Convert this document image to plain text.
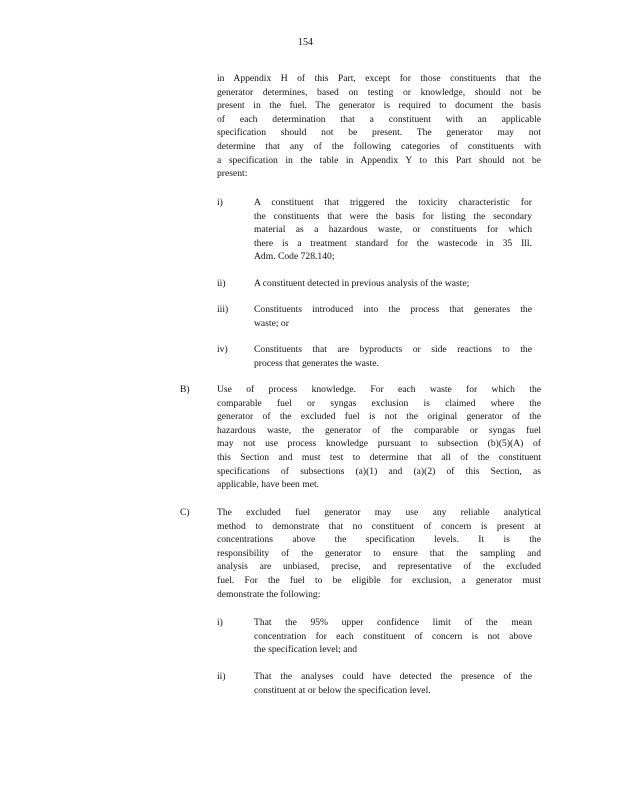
154
in Appendix H of this Part, except for those constituents that the
generator determines, based on testing or knowledge, should not be
present in the fuel. The generator is required to document the basis
of each determination that a constituent with an applicable
specification should not be present. The generator may not
determine that any of the following categories of constituents with
a specification in the table in Appendix Y to this Part should not be
present:
i)	A constituent that triggered the toxicity characteristic for
the constituents that were the basis for listing the secondary
material as a hazardous waste, or constituents for which
there is a treatment standard for the wastecode in 35 Ill.
Adm. Code 728.140;
ii)	A constituent detected in previous analysis of the waste;
iii)	Constituents introduced into the process that generates the
waste; or
iv)	Constituents that are byproducts or side reactions to the
process that generates the waste.
B)	Use of process knowledge. For each waste for which the
comparable fuel or syngas exclusion is claimed where the
generator of the excluded fuel is not the original generator of the
hazardous waste, the generator of the comparable or syngas fuel
may not use process knowledge pursuant to subsection (b)(5)(A) of
this Section and must test to determine that all of the constituent
specifications of subsections (a)(1) and (a)(2) of this Section, as
applicable, have been met.
C)	The excluded fuel generator may use any reliable analytical
method to demonstrate that no constituent of concern is present at
concentrations above the specification levels. It is the
responsibility of the generator to ensure that the sampling and
analysis are unbiased, precise, and representative of the excluded
fuel. For the fuel to be eligible for exclusion, a generator must
demonstrate the following:
i)	That the 95% upper confidence limit of the mean
concentration for each constituent of concern is not above
the specification level; and
ii)	That the analyses could have detected the presence of the
constituent at or below the specification level.
